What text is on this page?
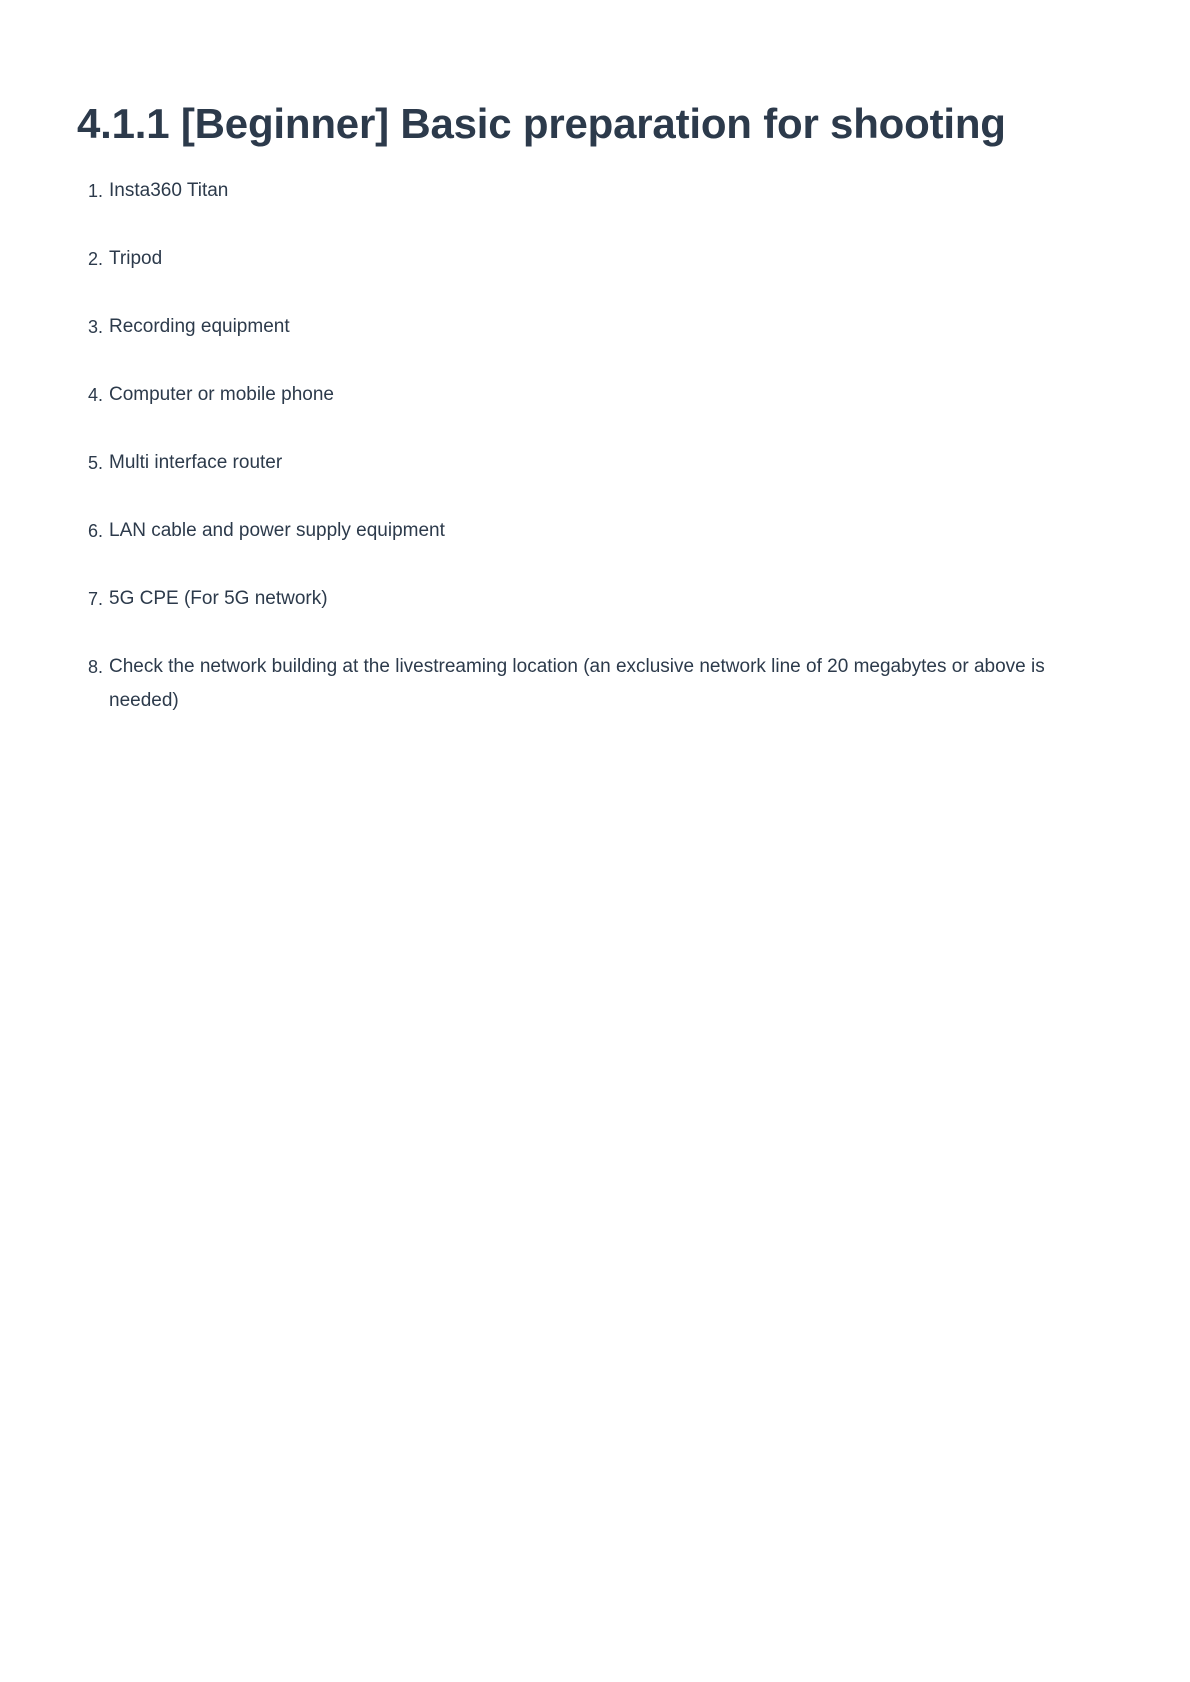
4.1.1 [Beginner] Basic preparation for shooting
1. Insta360 Titan
2. Tripod
3. Recording equipment
4. Computer or mobile phone
5. Multi interface router
6. LAN cable and power supply equipment
7. 5G CPE (For 5G network)
8. Check the network building at the livestreaming location (an exclusive network line of 20 megabytes or above is needed)
